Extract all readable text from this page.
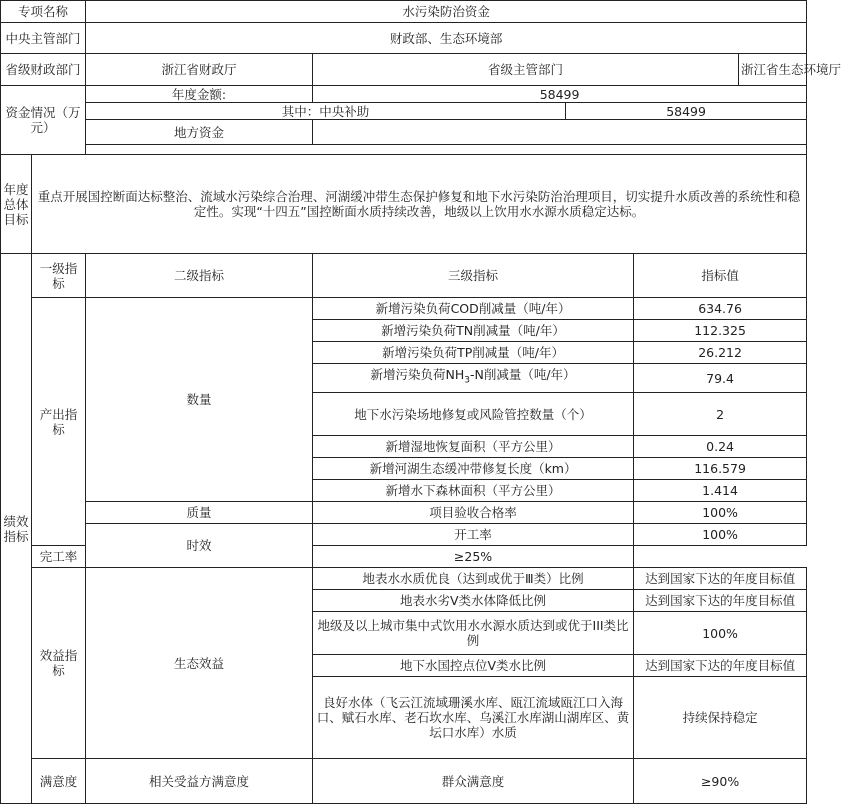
专项名称		水污染防治资金				
中央主管部门		财政部、生态环境部				
省级财政部门		浙江省财政厅	省级主管部门			浙江省生态环境厅
资金情况（万元）		年度金额:	58499			
		其中：中央补助		58499		
		地方资金				

年度总体目标	重点开展国控断面达标整治、流域水污染综合治理、河湖缓冲带生态保护修复和地下水污染防治治理项目，切实提升水质改善的系统性和稳定性。实现“十四五”国控断面水质持续改善，地级以上饮用水水源水质稳定达标。					
绩效指标	一级指标	二级指标	三级指标		指标值	
	产出指标	数量	新增污染负荷COD削减量（吨/年）		634.76	
			新增污染负荷TN削减量（吨/年）		112.325	
			新增污染负荷TP削减量（吨/年）		26.212	
			新增污染负荷$NH_3-N$削减量（吨/年）		79.4	
			地下水污染场地修复或风险管控数量（个）		2	
			新增湿地恢复面积（平方公里）		0.24	
			新增河湖生态缓冲带修复长度（km）		116.579	
			新增水下森林面积（平方公里）		1.414	
		质量	项目验收合格率		100%	
		时效	开工率		100%	
	完工率		≥25%			
	效益指标	生态效益	地表水水质优良（达到或优于Ⅲ类）比例		达到国家下达的年度目标值	
			地表水劣Ⅴ类水体降低比例		达到国家下达的年度目标值	
			地级及以上城市集中式饮用水水源水质达到或优于III类比例		100%	
			地下水国控点位Ⅴ类水比例		达到国家下达的年度目标值	
			良好水体（飞云江流域珊溪水库、瓯江流域瓯江口入海口、赋石水库、老石坎水库、乌溪江水库湖山湖库区、黄坛口水库）水质		持续保持稳定	
	满意度	相关受益方满意度	群众满意度		≥90%	
